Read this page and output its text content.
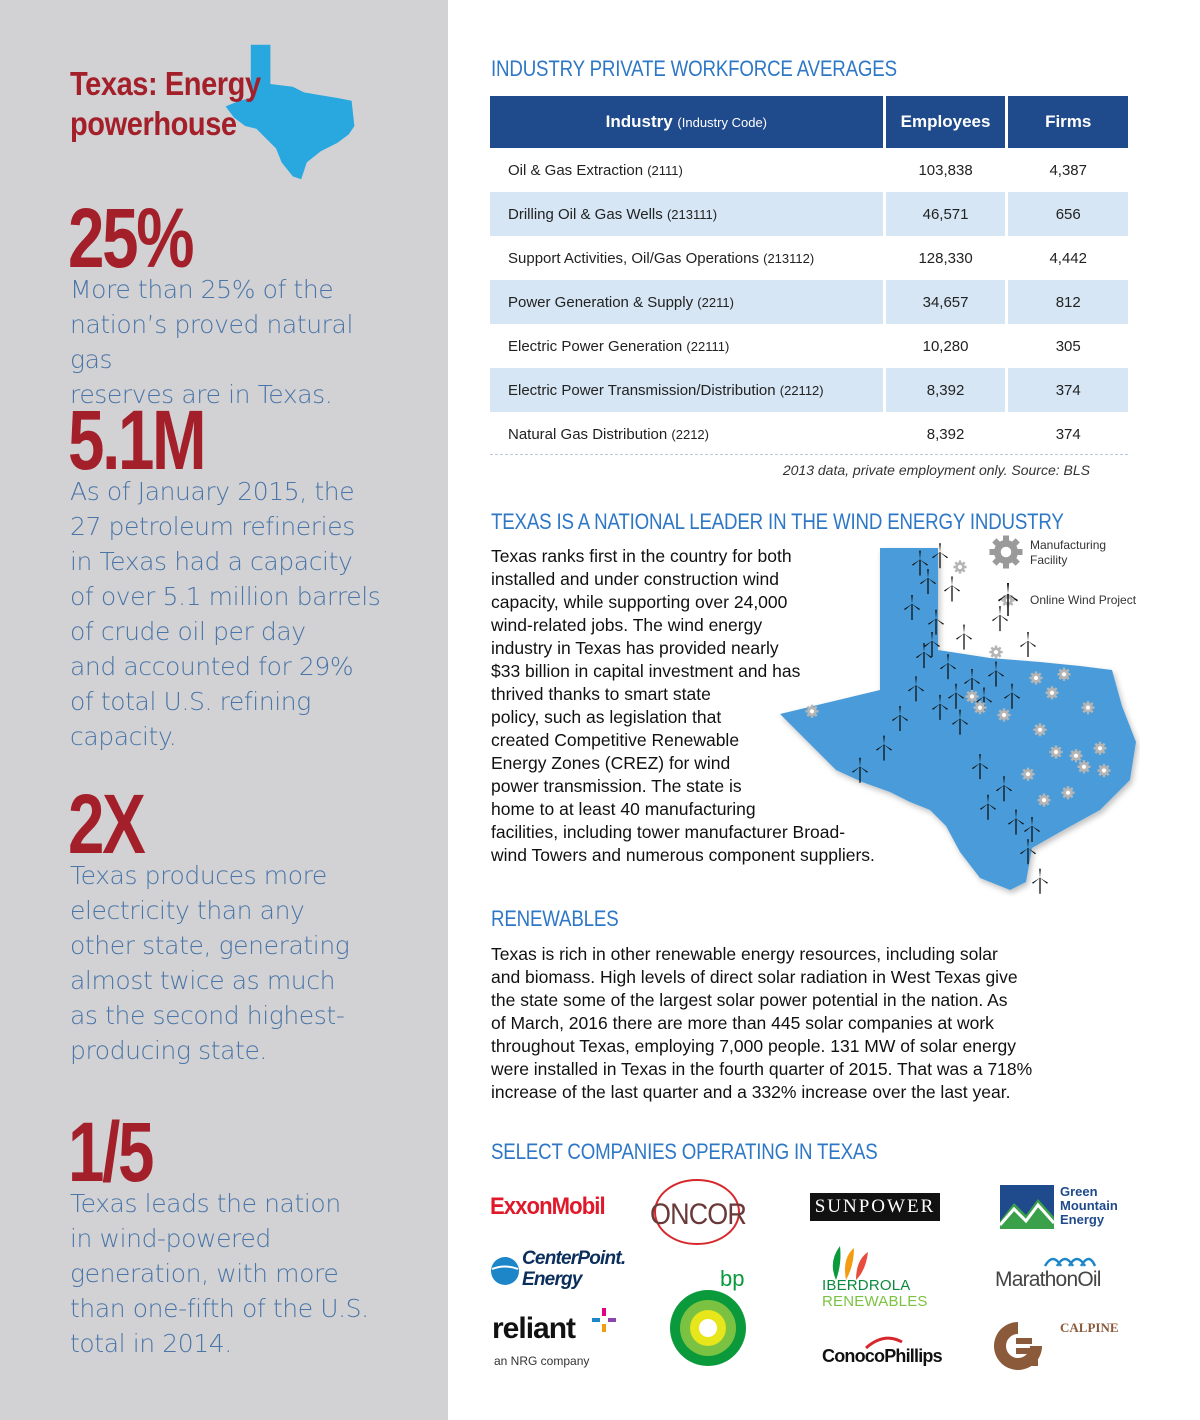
Texas: Energy
powerhouse
25%
More than 25% of the
nation’s proved natural gas
reserves are in Texas.
5.1M
As of January 2015, the
27 petroleum refineries
in Texas had a capacity
of over 5.1 million barrels
of crude oil per day
and accounted for 29%
of total U.S. refining
capacity.
2X
Texas produces more
electricity than any
other state, generating
almost twice as much
as the second highest-
producing state.
1/5
Texas leads the nation
in wind-powered
generation, with more
than one-fifth of the U.S.
total in 2014.
INDUSTRY PRIVATE WORKFORCE AVERAGES
Industry (Industry Code)	Employees	Firms
Oil & Gas Extraction (2111)	103,838	4,387
Drilling Oil & Gas Wells (213111)	46,571	656
Support Activities, Oil/Gas Operations (213112)	128,330	4,442
Power Generation & Supply (2211)	34,657	812
Electric Power Generation (22111)	10,280	305
Electric Power Transmission/Distribution (22112)	8,392	374
Natural Gas Distribution (2212)	8,392	374
2013 data, private employment only. Source: BLS
TEXAS IS A NATIONAL LEADER IN THE WIND ENERGY INDUSTRY
Manufacturing Facility
Online Wind Project
Texas ranks first in the country for both
installed and under construction wind
capacity, while supporting over 24,000
wind-related jobs. The wind energy
industry in Texas has provided nearly
$33 billion in capital investment and has
thrived thanks to smart state
policy, such as legislation that
created Competitive Renewable
Energy Zones (CREZ) for wind
power transmission. The state is
home to at least 40 manufacturing
facilities, including tower manufacturer Broad-
wind Towers and numerous component suppliers.
RENEWABLES
Texas is rich in other renewable energy resources, including solar
and biomass. High levels of direct solar radiation in West Texas give
the state some of the largest solar power potential in the nation. As
of March, 2016 there are more than 445 solar companies at work
throughout Texas, employing 7,000 people. 131 MW of solar energy
were installed in Texas in the fourth quarter of 2015. That was a 718%
increase of the last quarter and a 332% increase over the last year.
SELECT COMPANIES OPERATING IN TEXAS
ExxonMobil ONCOR	SUNPOWER
Green
Mountain
Energy
CenterPoint.
Energy	bp	IBERDROLA
RENEWABLES
MarathonOil
reliant
an NRG company	ConocoPhillips
CALPINE
